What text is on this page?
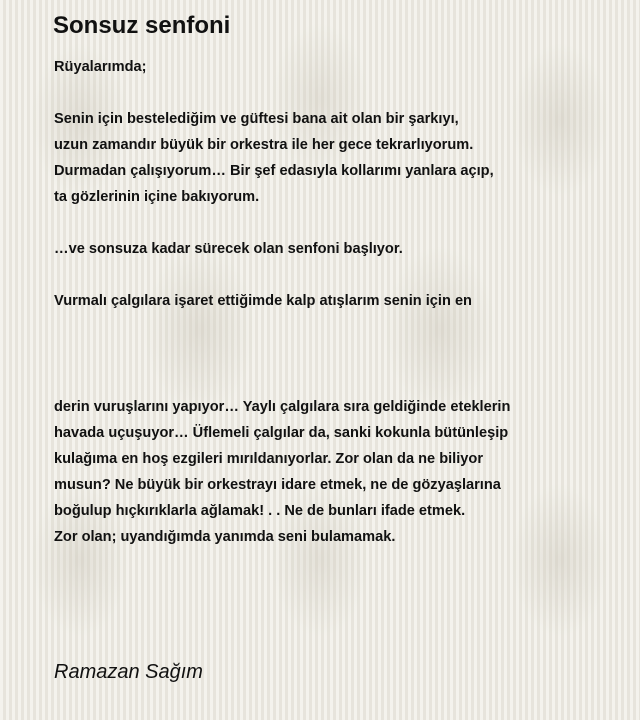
Sonsuz senfoni
Rüyalarımda;
Senin için bestelediğim ve güftesi bana ait olan bir şarkıyı,
uzun zamandır büyük bir orkestra ile her gece tekrarlıyorum.
Durmadan çalışıyorum… Bir şef edasıyla kollarımı yanlara açıp,
ta gözlerinin içine bakıyorum.
…ve sonsuza kadar sürecek olan senfoni başlıyor.
Vurmalı çalgılara işaret ettiğimde kalp atışlarım senin için en
derin vuruşlarını yapıyor… Yaylı çalgılara sıra geldiğinde eteklerin
havada uçuşuyor… Üflemeli çalgılar da, sanki kokunla bütünleşip
kulağıma en hoş ezgileri mırıldanıyorlar. Zor olan da ne biliyor
musun? Ne büyük bir orkestrayı idare etmek, ne de gözyaşlarına
boğulup hıçkırıklarla ağlamak! . . Ne de bunları ifade etmek.
Zor olan; uyandığımda yanımda seni bulamamak.

Ramazan Sağım
